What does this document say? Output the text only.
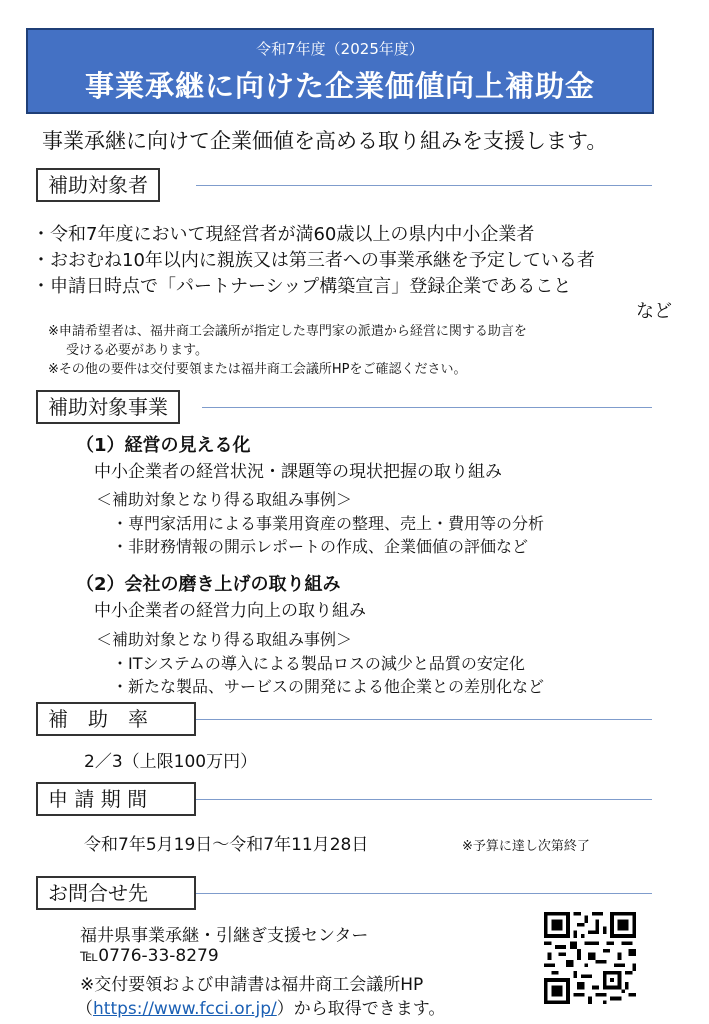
令和7年度（2025年度）
事業承継に向けた企業価値向上補助金
事業承継に向けて企業価値を高める取り組みを支援します。
補助対象者
・令和7年度において現経営者が満60歳以上の県内中小企業者
・おおむね10年以内に親族又は第三者への事業承継を予定している者
・申請日時点で「パートナーシップ構築宣言」登録企業であること
など
※申請希望者は、福井商工会議所が指定した専門家の派遣から経営に関する助言を
受ける必要があります。
※その他の要件は交付要領または福井商工会議所HPをご確認ください。
補助対象事業
（1）経営の見える化
中小企業者の経営状況・課題等の現状把握の取り組み
＜補助対象となり得る取組み事例＞
・専門家活用による事業用資産の整理、売上・費用等の分析
・非財務情報の開示レポートの作成、企業価値の評価など
（2）会社の磨き上げの取り組み
中小企業者の経営力向上の取り組み
＜補助対象となり得る取組み事例＞
・ITシステムの導入による製品ロスの減少と品質の安定化
・新たな製品、サービスの開発による他企業との差別化など
補　助　率
2／3（上限100万円）
申 請 期 間
令和7年5月19日～令和7年11月28日	※予算に達し次第終了
お問合せ先
福井県事業承継・引継ぎ支援センター
℡0776-33-8279
※交付要領および申請書は福井商工会議所HP
（https://www.fcci.or.jp/）から取得できます。
